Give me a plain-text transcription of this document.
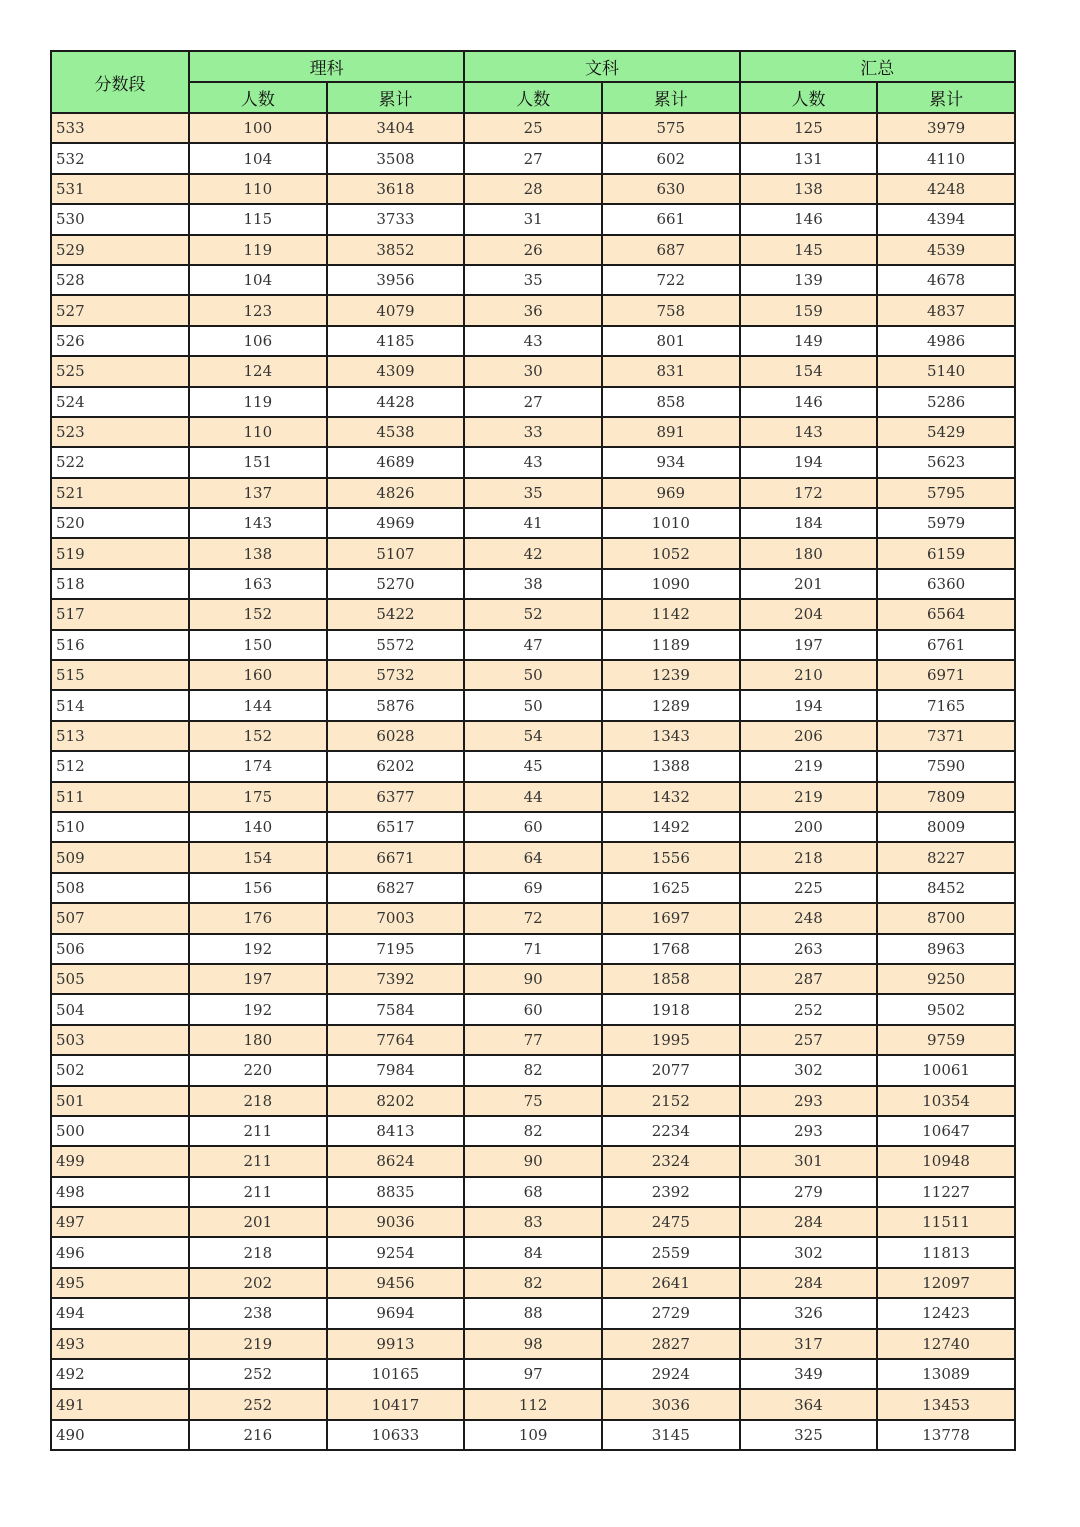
分数段	理科		文科		汇总	
	人数	累计	人数	累计	人数	累计
533	100	3404	25	575	125	3979
532	104	3508	27	602	131	4110
531	110	3618	28	630	138	4248
530	115	3733	31	661	146	4394
529	119	3852	26	687	145	4539
528	104	3956	35	722	139	4678
527	123	4079	36	758	159	4837
526	106	4185	43	801	149	4986
525	124	4309	30	831	154	5140
524	119	4428	27	858	146	5286
523	110	4538	33	891	143	5429
522	151	4689	43	934	194	5623
521	137	4826	35	969	172	5795
520	143	4969	41	1010	184	5979
519	138	5107	42	1052	180	6159
518	163	5270	38	1090	201	6360
517	152	5422	52	1142	204	6564
516	150	5572	47	1189	197	6761
515	160	5732	50	1239	210	6971
514	144	5876	50	1289	194	7165
513	152	6028	54	1343	206	7371
512	174	6202	45	1388	219	7590
511	175	6377	44	1432	219	7809
510	140	6517	60	1492	200	8009
509	154	6671	64	1556	218	8227
508	156	6827	69	1625	225	8452
507	176	7003	72	1697	248	8700
506	192	7195	71	1768	263	8963
505	197	7392	90	1858	287	9250
504	192	7584	60	1918	252	9502
503	180	7764	77	1995	257	9759
502	220	7984	82	2077	302	10061
501	218	8202	75	2152	293	10354
500	211	8413	82	2234	293	10647
499	211	8624	90	2324	301	10948
498	211	8835	68	2392	279	11227
497	201	9036	83	2475	284	11511
496	218	9254	84	2559	302	11813
495	202	9456	82	2641	284	12097
494	238	9694	88	2729	326	12423
493	219	9913	98	2827	317	12740
492	252	10165	97	2924	349	13089
491	252	10417	112	3036	364	13453
490	216	10633	109	3145	325	13778
